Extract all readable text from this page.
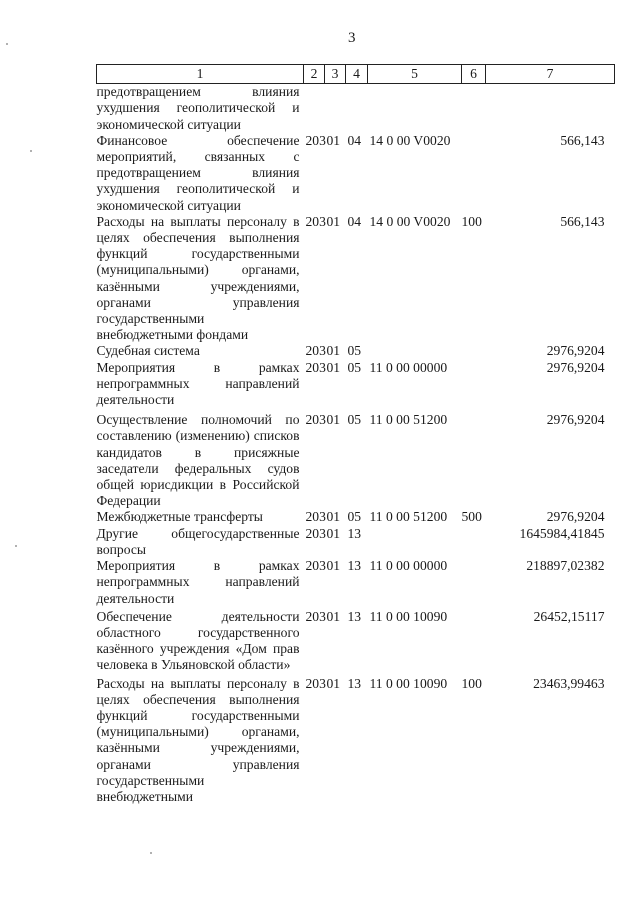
3
1	2	3	4	5	6	7
предотвращением влияния ухудшения геополитической и экономической ситуации						
Финансовое обеспечение мероприятий, связанных с предотвращением влияния ухудшения геополитической и экономической ситуации	203	01	04	14 0 00 V0020		566,143
Расходы на выплаты персоналу в целях обеспечения выполнения функций государственными (муниципальными) органами, казёнными учреждениями, органами управления государственными внебюджетными фондами	203	01	04	14 0 00 V0020	100	566,143
Судебная система	203	01	05			2976,9204
Мероприятия в рамках непрограммных направлений деятельности	203	01	05	11 0 00 00000		2976,9204
Осуществление полномочий по составлению (изменению) списков кандидатов в присяжные заседатели федеральных судов общей юрисдикции в Российской Федерации	203	01	05	11 0 00 51200		2976,9204
Межбюджетные трансферты	203	01	05	11 0 00 51200	500	2976,9204
Другие общегосударственные вопросы	203	01	13			1645984,41845
Мероприятия в рамках непрограммных направлений деятельности	203	01	13	11 0 00 00000		218897,02382
Обеспечение деятельности областного государственного казённого учреждения «Дом прав человека в Ульяновской области»	203	01	13	11 0 00 10090		26452,15117
Расходы на выплаты персоналу в целях обеспечения выполнения функций государственными (муниципальными) органами, казёнными учреждениями, органами управления государственными внебюджетными	203	01	13	11 0 00 10090	100	23463,99463
